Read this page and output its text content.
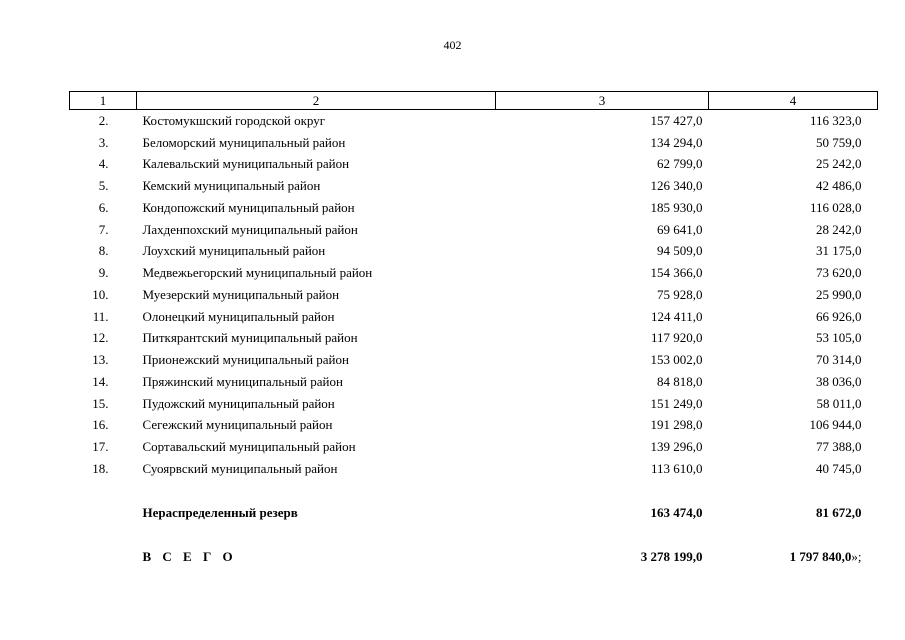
402
1	2	3	4
2.	Костомукшский городской округ	157 427,0	116 323,0
3.	Беломорский муниципальный район	134 294,0	50 759,0
4.	Калевальский муниципальный район	62 799,0	25 242,0
5.	Кемский муниципальный район	126 340,0	42 486,0
6.	Кондопожский муниципальный район	185 930,0	116 028,0
7.	Лахденпохский муниципальный район	69 641,0	28 242,0
8.	Лоухский муниципальный район	94 509,0	31 175,0
9.	Медвежьегорский муниципальный район	154 366,0	73 620,0
10.	Муезерский муниципальный район	75 928,0	25 990,0
11.	Олонецкий муниципальный район	124 411,0	66 926,0
12.	Питкярантский муниципальный район	117 920,0	53 105,0
13.	Прионежский муниципальный район	153 002,0	70 314,0
14.	Пряжинский муниципальный район	84 818,0	38 036,0
15.	Пудожский муниципальный район	151 249,0	58 011,0
16.	Сегежский муниципальный район	191 298,0	106 944,0
17.	Сортавальский муниципальный район	139 296,0	77 388,0
18.	Суоярвский муниципальный район	113 610,0	40 745,0

	Нераспределенный резерв	163 474,0	81 672,0

	В С Е Г О	3 278 199,0	1 797 840,0»;
